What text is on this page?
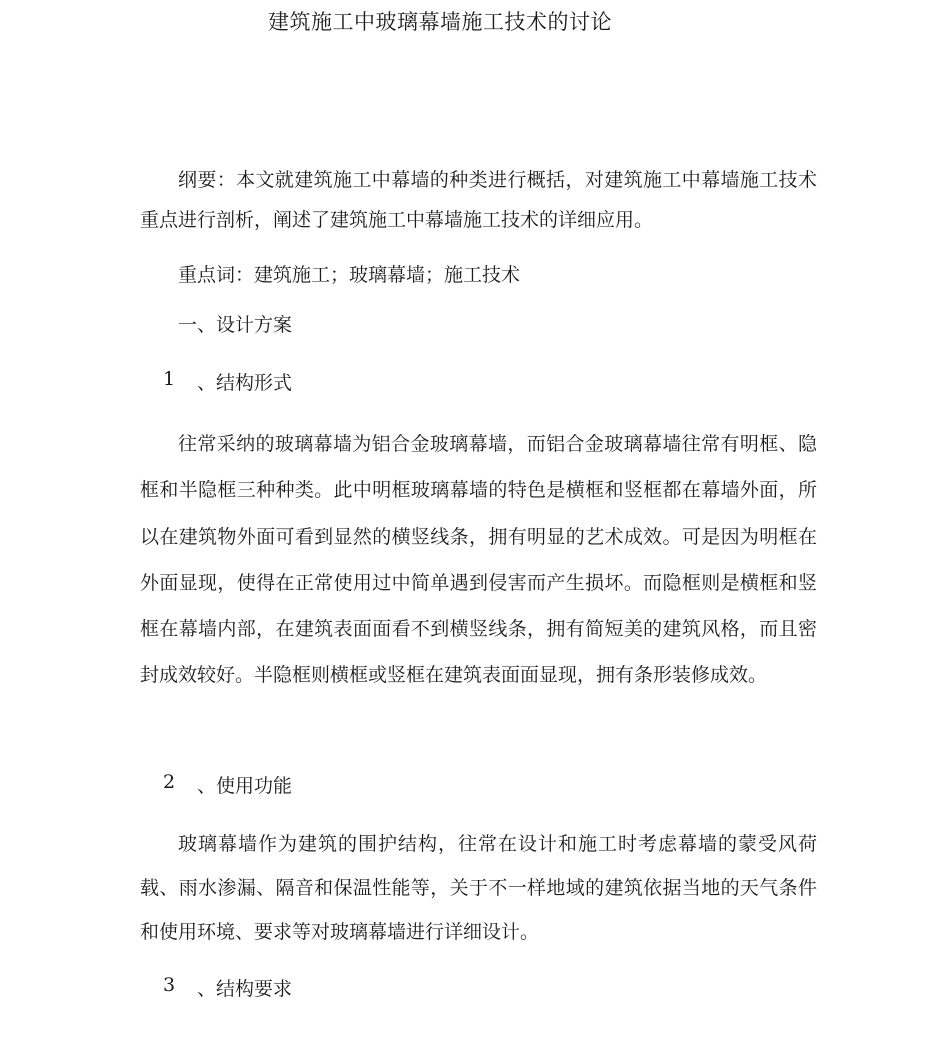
建筑施工中玻璃幕墙施工技术的讨论
纲要：本文就建筑施工中幕墙的种类进行概括，对建筑施工中幕墙施工技术重点进行剖析，阐述了建筑施工中幕墙施工技术的详细应用。
重点词：建筑施工；玻璃幕墙；施工技术
一、设计方案
1 、结构形式
往常采纳的玻璃幕墙为铝合金玻璃幕墙，而铝合金玻璃幕墙往常有明框、隐框和半隐框三种种类。此中明框玻璃幕墙的特色是横框和竖框都在幕墙外面，所以在建筑物外面可看到显然的横竖线条，拥有明显的艺术成效。可是因为明框在外面显现，使得在正常使用过中简单遇到侵害而产生损坏。而隐框则是横框和竖框在幕墙内部，在建筑表面面看不到横竖线条，拥有简短美的建筑风格，而且密封成效较好。半隐框则横框或竖框在建筑表面面显现，拥有条形装修成效。
2 、使用功能
玻璃幕墙作为建筑的围护结构，往常在设计和施工时考虑幕墙的蒙受风荷载、雨水渗漏、隔音和保温性能等，关于不一样地域的建筑依据当地的天气条件和使用环境、要求等对玻璃幕墙进行详细设计。
3 、结构要求
